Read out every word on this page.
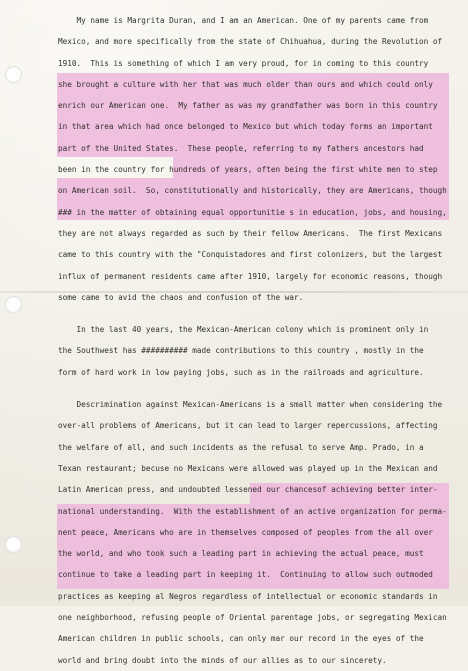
My name is Margrita Duran, and I am an American. One of my parents came from
Mexico, and more specifically from the state of Chihuahua, during the Revolution of
1910.  This is something of which I am very proud, for in coming to this country
she brought a culture with her that was much older than ours and which could only
enrich our American one.  My father as was my grandfather was born in this country
in that area which had once belonged to Mexico but which today forms an important
part of the United States.  These people, referring to my fathers ancestors had
been in the country for hundreds of years, often being the first white men to step
on American soil.  So, constitutionally and historically, they are Americans, though
### in the matter of obtaining equal opportunitie s in education, jobs, and housing,
they are not always regarded as such by their fellow Americans.  The first Mexicans
came to this country with the "Conquistadores and first colonizers, but the largest
influx of permanent residents came after 1910, largely for economic reasons, though
some came to avid the chaos and confusion of the war.
In the last 40 years, the Mexican-American colony which is prominent only in
the Southwest has ########## made contributions to this country , mostly in the
form of hard work in low paying jobs, such as in the railroads and agriculture.
Descrimination against Mexican-Americans is a small matter when considering the
over-all problems of Americans, but it can lead to larger repercussions, affecting
the welfare of all, and such incidents as the refusal to serve Amp. Prado, in a
Texan restaurant; becuse no Mexicans were allowed was played up in the Mexican and
Latin American press, and undoubted lessened our chancesof achieving better inter-
national understanding.  With the establishment of an active organization for perma-
nent peace, Americans who are in themselves composed of peoples from the all over
the world, and who took such a leading part in achieving the actual peace, must
continue to take a leading part in keeping it.  Continuing to allow such outmoded
practices as keeping al Negros regardless of intellectual or economic standards in
one neighborhood, refusing people of Oriental parentage jobs, or segregating Mexican
American children in public schools, can only mar our record in the eyes of the
world and bring doubt into the minds of our allies as to our sincerety.
